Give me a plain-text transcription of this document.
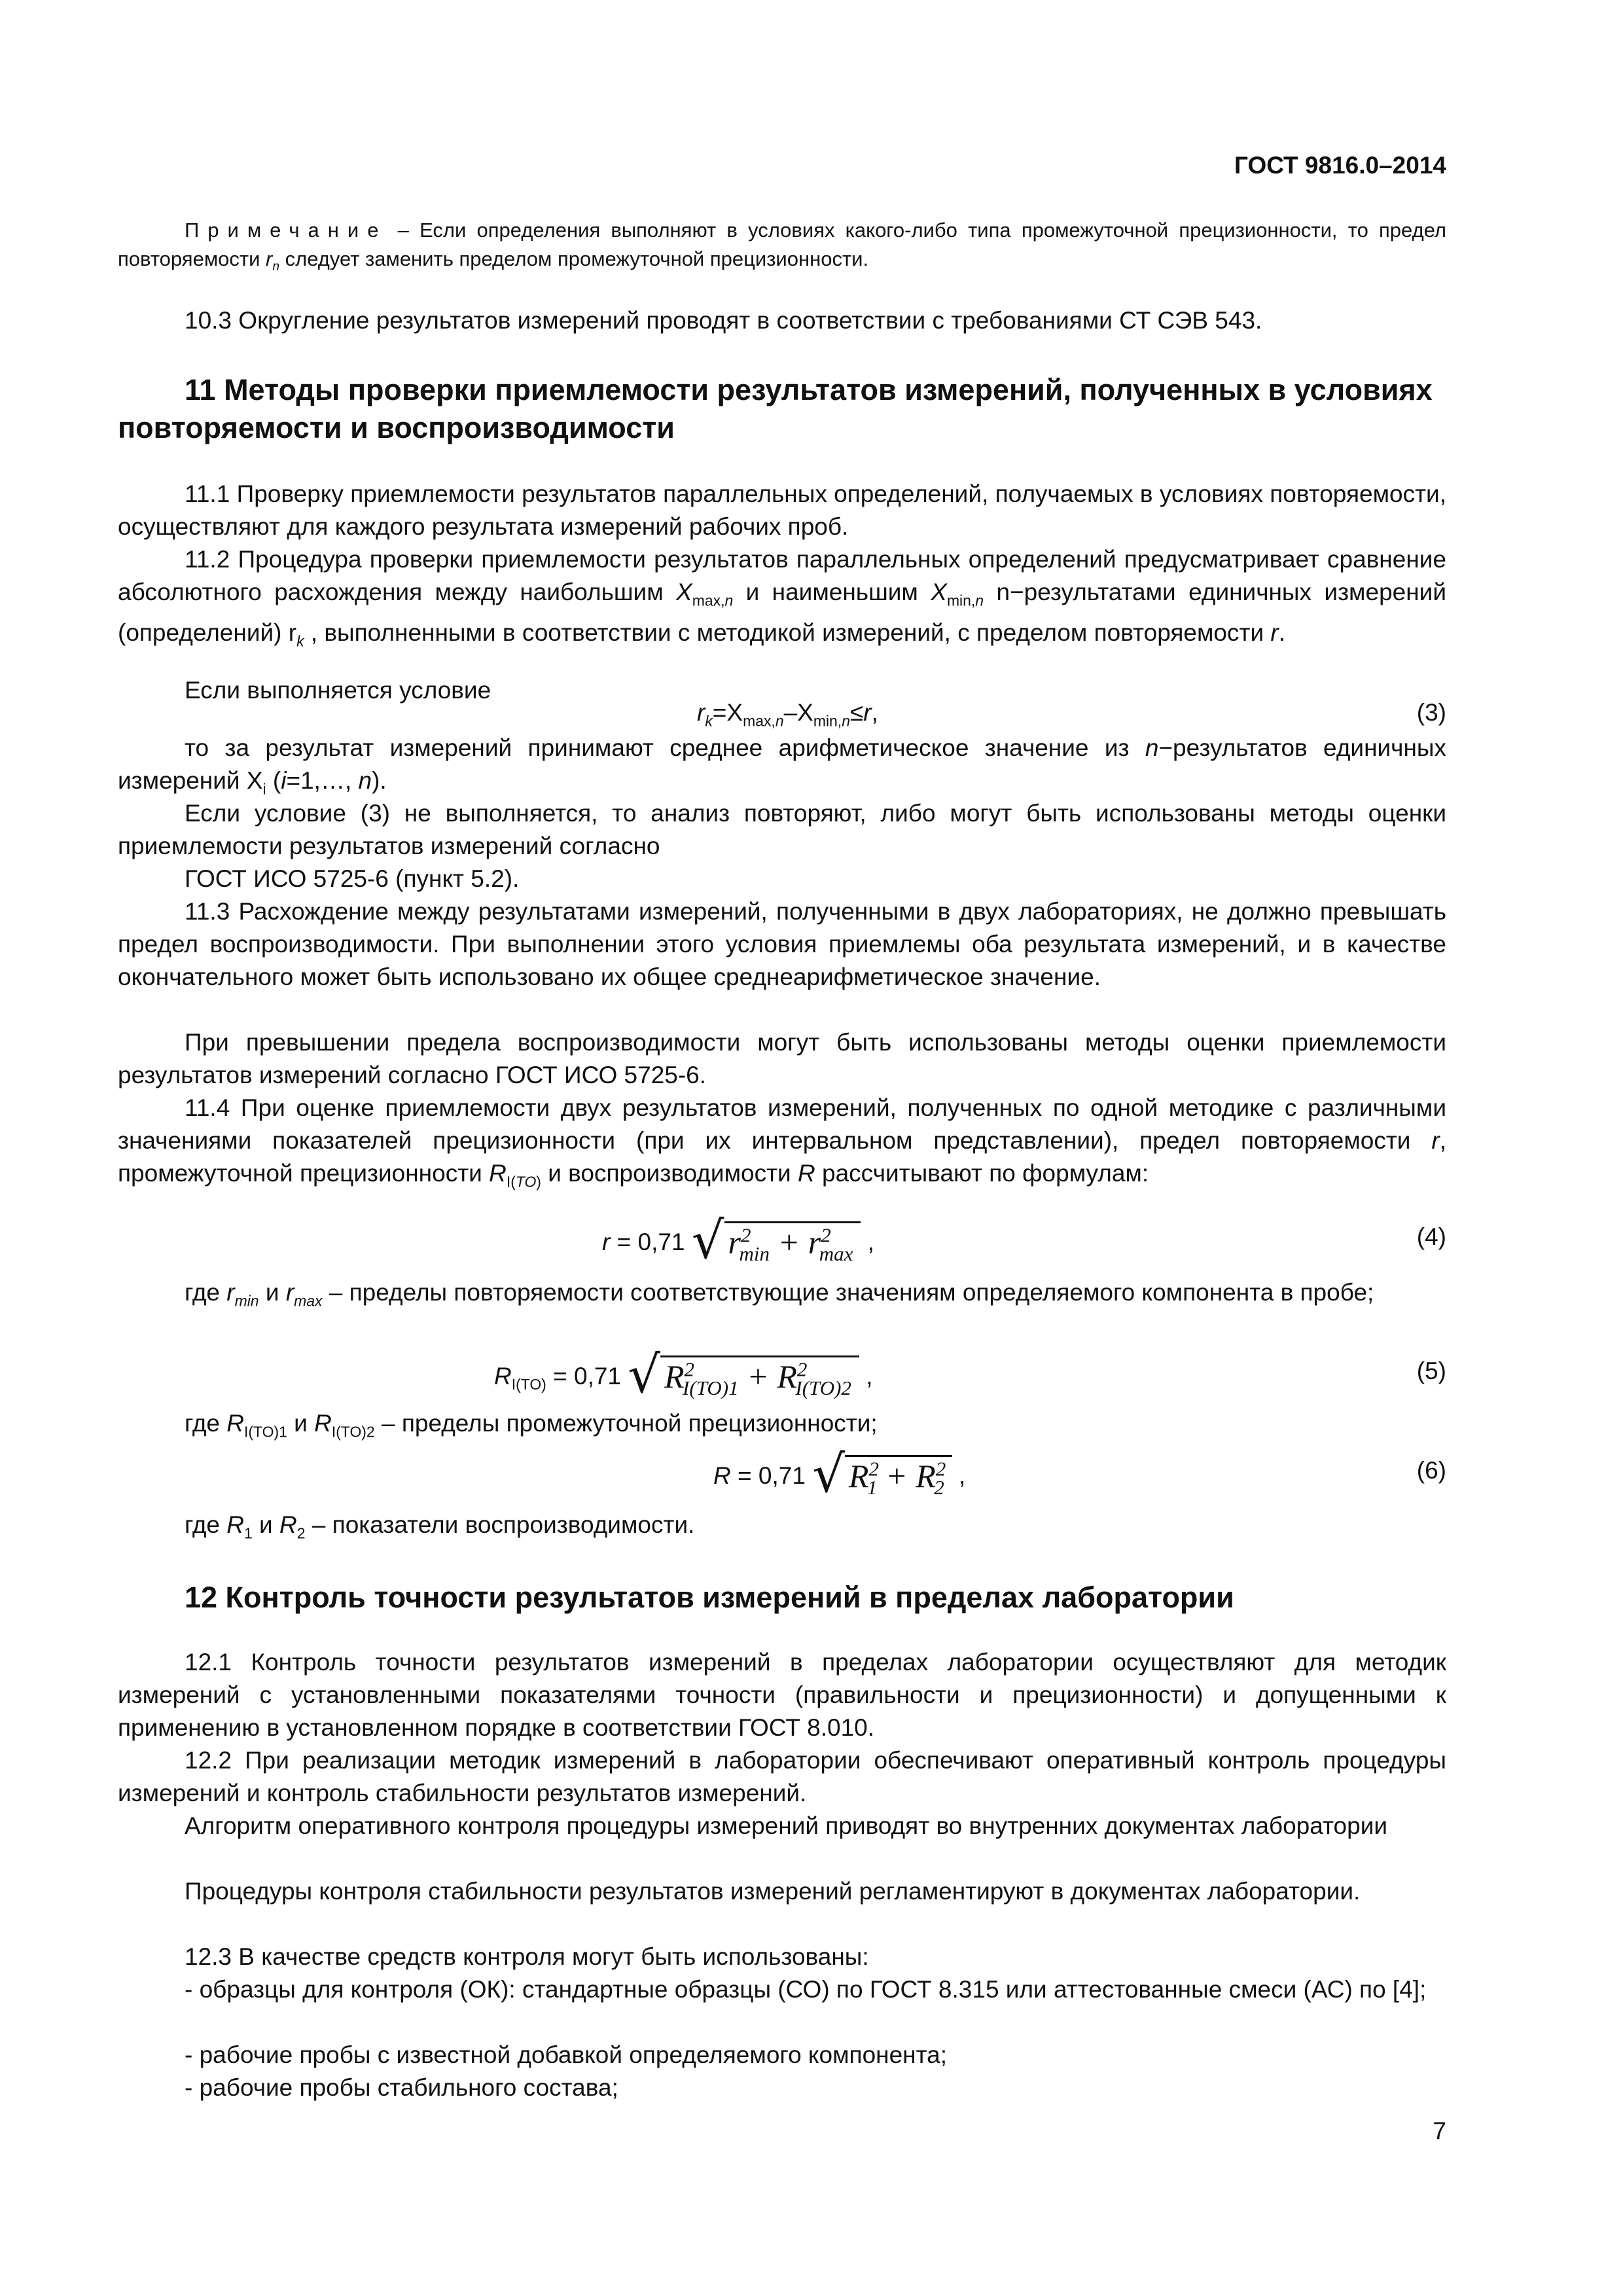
ГОСТ 9816.0–2014
Примечание – Если определения выполняют в условиях какого-либо типа промежуточной прецизионности, то предел повторяемости $r_n$ следует заменить пределом промежуточной прецизионности.
10.3 Округление результатов измерений проводят в соответствии с требованиями СТ СЭВ 543.
11 Методы проверки приемлемости результатов измерений, полученных в условиях повторяемости и воспроизводимости
11.1 Проверку приемлемости результатов параллельных определений, получаемых в условиях повторяемости, осуществляют для каждого результата измерений рабочих проб.
11.2 Процедура проверки приемлемости результатов параллельных определений предусматривает сравнение абсолютного расхождения между наибольшим $X_{max,n}$ и наименьшим $X_{min,n}$ n−результатами единичных измерений (определений) $r_k$ , выполненными в соответствии с методикой измерений, с пределом повторяемости r.
Если выполняется условие
$r_k=X_{max,n}-X_{min,n}\le r$,	(3)
то за результат измерений принимают среднее арифметическое значение из n−результатов единичных измерений $X_i$ (i=1,…, n).
Если условие (3) не выполняется, то анализ повторяют, либо могут быть использованы методы оценки приемлемости результатов измерений согласно
ГОСТ ИСО 5725-6 (пункт 5.2).
11.3 Расхождение между результатами измерений, полученными в двух лабораториях, не должно превышать предел воспроизводимости. При выполнении этого условия приемлемы оба результата измерений, и в качестве окончательного может быть использовано их общее среднеарифметическое значение.
При превышении предела воспроизводимости могут быть использованы методы оценки приемлемости результатов измерений согласно ГОСТ ИСО 5725-6.
11.4 При оценке приемлемости двух результатов измерений, полученных по одной методике с различными значениями показателей прецизионности (при их интервальном представлении), предел повторяемости r, промежуточной прецизионности $R_{I(TO)}$ и воспроизводимости R рассчитывают по формулам:
r = 0,71 √ $r^2_{min} + r^2_{max}$ ,	(4)
где $r_{min}$ и $r_{max}$ – пределы повторяемости соответствующие значениям определяемого компонента в пробе;
$R_{I(TO)} = 0,71$ √ $R^2_{I(TO)1} + R^2_{I(TO)2}$ ,	(5)
где $R_{I(TO)1}$ и $R_{I(TO)2}$ – пределы промежуточной прецизионности;
R = 0,71 √ $R^2_1 + R^2_2$ ,	(6)
где $R_1$ и $R_2$ – показатели воспроизводимости.
12 Контроль точности результатов измерений в пределах лаборатории
12.1 Контроль точности результатов измерений в пределах лаборатории осуществляют для методик измерений с установленными показателями точности (правильности и прецизионности) и допущенными к применению в установленном порядке в соответствии ГОСТ 8.010.
12.2 При реализации методик измерений в лаборатории обеспечивают оперативный контроль процедуры измерений и контроль стабильности результатов измерений.
Алгоритм оперативного контроля процедуры измерений приводят во внутренних документах лаборатории
Процедуры контроля стабильности результатов измерений регламентируют в документах лаборатории.
12.3 В качестве средств контроля могут быть использованы:
- образцы для контроля (ОК): стандартные образцы (СО) по ГОСТ 8.315 или аттестованные смеси (АС) по [4];
- рабочие пробы с известной добавкой определяемого компонента;
- рабочие пробы стабильного состава;
7
